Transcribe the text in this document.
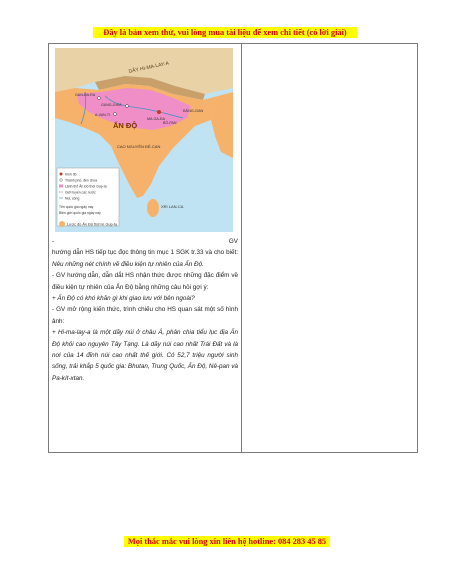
Đây là bản xem thử, vui lòng mua tài liệu để xem chi tiết (có lời giải)
DÃY HI-MA-LAY-A
ẤN ĐỘ
CAO NGUYÊN ĐÊ-CAN
XRI LAN-CA
BĂNG-GAN
GANG-GHIA
GAN-ĐA-RA
MA-GA-ĐA
BÔ-PAN
A-VAN-TI
Kinh đô
Thành phố, đền chùa
Lãnh thổ Ấn Độ thời Gúp-ta
Giới tuyến các nước
Núi, sông
Tên quốc gia ngày nay
Biên giới quốc gia ngày nay
Lược đồ Ấn Độ thời kì Gúp-ta
-	GV

hướng dẫn HS tiếp tục đọc thông tin mục 1 SGK tr.33 và cho biết: Nêu những nét chính về điều kiện tự nhiên của Ấn Độ.

- GV hướng dẫn, dẫn dắt HS nhận thức được những đặc điểm về điều kiện tự nhiên của Ấn Độ bằng những câu hỏi gợi ý:

+ Ấn Độ có khó khăn gì khi giao lưu với bên ngoài?

- GV mở rộng kiến thức, trình chiếu cho HS quan sát một số hình ảnh:

+ Hi-ma-lay-a là một dãy núi ở châu Á, phân chia tiểu lục địa Ấn Độ khỏi cao nguyên Tây Tạng. Là dãy núi cao nhất Trái Đất và là nơi của 14 đỉnh núi cao nhất thế giới. Có 52,7 triệu người sinh sống, trải khắp 5 quốc gia: Bhutan, Trung Quốc, Ấn Độ, Nê-pan và Pa-kít-xtan.

Mọi thắc mắc vui lòng xin liên hệ hotline: 084 283 45 85
